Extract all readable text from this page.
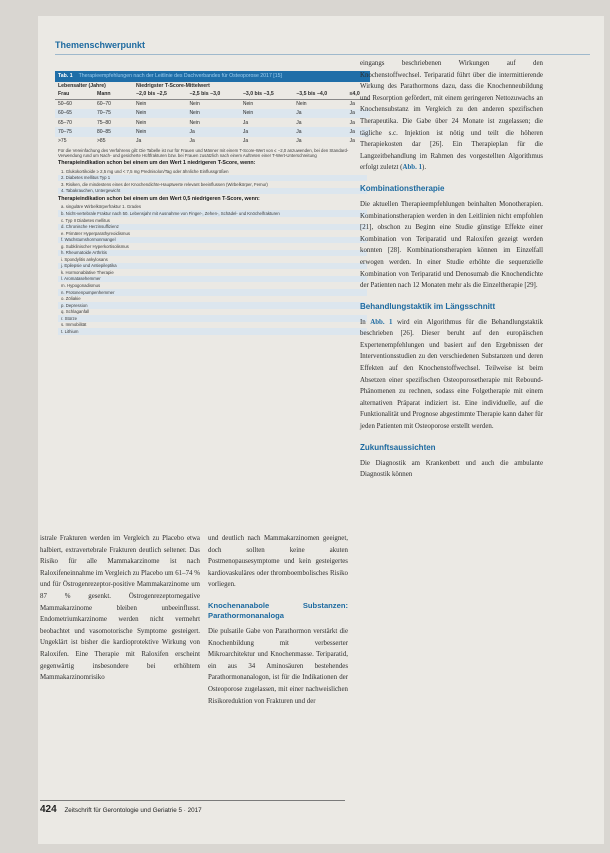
Themenschwerpunkt
Tab. 1 Therapieempfehlungen nach der Leitlinie des Dachverbandes für Osteoporose 2017 [15]
Lebensalter (Jahre)		Niedrigster T-Score-Mittelwert				
Frau	Mann	−2,0 bis −2,5	−2,5 bis −3,0	−3,0 bis −3,5	−3,5 bis −4,0	≤4,0
50–60	60–70	Nein	Nein	Nein	Nein	Ja
60–65	70–75	Nein	Nein	Nein	Ja	Ja
65–70	75–80	Nein	Nein	Ja	Ja	Ja
70–75	80–85	Nein	Ja	Ja	Ja	Ja
>75	>85	Ja	Ja	Ja	Ja	Ja

Für die Vereinfachung des Verfahrens gilt: Die Tabelle ist nur für Frauen und Männer mit einem T-Score-Wert von ≤ −2,0 anzuwenden, bei den Standard-Verwendung rund um Nach- und gesicherte Hüftfrakturen bzw. bei Frauen zusätzlich nach einem Auftreten einer T-Wert-Unterschreitung

Therapieindikation schon bei einem um den Wert 1 niedrigeren T-Score, wenn:
1. Glukokortikoide ≥ 2,5 mg und < 7,5 mg Prednisolon/Tag oder ähnliche Einflussgrößen
2. Diabetes mellitus Typ 1
3. Risiken, die mindestens eines der Knochendichte-Hauptwerte relevant beeinflussen (Wirbelkörper, Femur)
4. Tabakrauchen, Untergewicht
Therapieindikation schon bei einem um den Wert 0,5 niedrigeren T-Score, wenn:
a. singuläre Wirbelkörperfraktur 1. Grades
b. Nicht-vertebrale Fraktur nach 50. Lebensjahr mit Ausnahme von Finger-, Zehen-, Schädel- und Knöchelfrakturen
c. Typ II Diabetes mellitus
d. Chronische Herzinsuffizienz
e. Primärer Hyperparathyreoidismus
f. Wachstumshormonmangel
g. Subklinischer Hyperkortisolismus
h. Rheumatoide Arthritis
i. Spondylitis ankylosans
j. Epilepsie und Antiepileptika
k. Hormonablative Therapie
l. Aromatasehemmer
m. Hypogonadismus
n. Protonenpumpenhemmer
o. Zöliakie
p. Depression
q. Schlaganfall
r. Stürze
s. Immobilität
t. Lithium

istrale Frakturen werden im Vergleich zu Placebo etwa halbiert, extravertebrale Frakturen deutlich seltener. Das Risiko für alle Mammakarzinome ist nach Raloxifeneinnahme im Vergleich zu Placebo um 61–74 % und für Östrogenrezeptor-positive Mammakarzinome um 87 % gesenkt. Östrogenrezeptornegative Mammakarzinome bleiben unbeeinflusst. Endometriumkarzinome werden nicht vermehrt beobachtet und vasomotorische Symptome gesteigert. Ungeklärt ist bisher die kardioprotektive Wirkung von Raloxifen. Eine Therapie mit Raloxifen erscheint gegenwärtig insbesondere bei erhöhtem Mammakarzinomrisiko

und deutlich nach Mammakarzinomen geeignet, doch sollten keine akuten Postmenopausesymptome und kein gesteigertes kardiovaskuläres oder thromboembolisches Risiko vorliegen.

Knochenanabole Substanzen: Parathormonanaloga

Die pulsatile Gabe von Parathormon verstärkt die Knochenbildung mit verbesserter Mikroarchitektur und Knochenmasse. Teriparatid, ein aus 34 Aminosäuren bestehendes Parathormonanalogon, ist für die Indikationen der Osteoporose zugelassen, mit einer nachweislichen Risikoreduktion von Frakturen und der

eingangs beschriebenen Wirkungen auf den Knochenstoffwechsel. Teriparatid führt über die intermittierende Wirkung des Parathormons dazu, dass die Knochenneubildung und Resorption gefördert, mit einem geringeren Nettozuwachs an Knochensubstanz im Vergleich zu den anderen spezifischen Therapeutika. Die Gabe über 24 Monate ist zugelassen; die tägliche s.c. Injektion ist nötig und teilt die höheren Therapiekosten dar [26]. Ein Therapieplan für die Langzeitbehandlung im Rahmen des vorgestellten Algorithmus erfolgt zuletzt (Abb. 1).

Kombinationstherapie

Die aktuellen Therapieempfehlungen beinhalten Monotherapien. Kombinationstherapien werden in den Leitlinien nicht empfohlen [21], obschon zu Beginn eine Studie günstige Effekte einer Kombination von Teriparatid und Raloxifen gezeigt werden konnten [28]. Kombinationstherapien können im Einzelfall erwogen werden. In einer Studie erhöhte die sequenzielle Kombination von Teriparatid und Denosumab die Knochendichte der Patienten nach 12 Monaten mehr als die Einzeltherapie [29].

Behandlungstaktik im Längsschnitt

In Abb. 1 wird ein Algorithmus für die Behandlungstaktik beschrieben [26]. Dieser beruht auf den europäischen Expertenempfehlungen und basiert auf den Ergebnissen der Interventionsstudien zu den verschiedenen Substanzen und deren Effekten auf den Knochenstoffwechsel. Teilweise ist beim Absetzen einer spezifischen Osteoporosetherapie mit Rebound-Phänomenen zu rechnen, sodass eine Folgetherapie mit einem alternativen Präparat indiziert ist. Eine individuelle, auf die Funktionalität und Prognose abgestimmte Therapie kann daher für jeden Patienten mit Osteoporose erstellt werden.

Zukunftsaussichten

Die Diagnostik am Krankenbett und auch die ambulante Diagnostik können

424 Zeitschrift für Gerontologie und Geriatrie 5 · 2017
